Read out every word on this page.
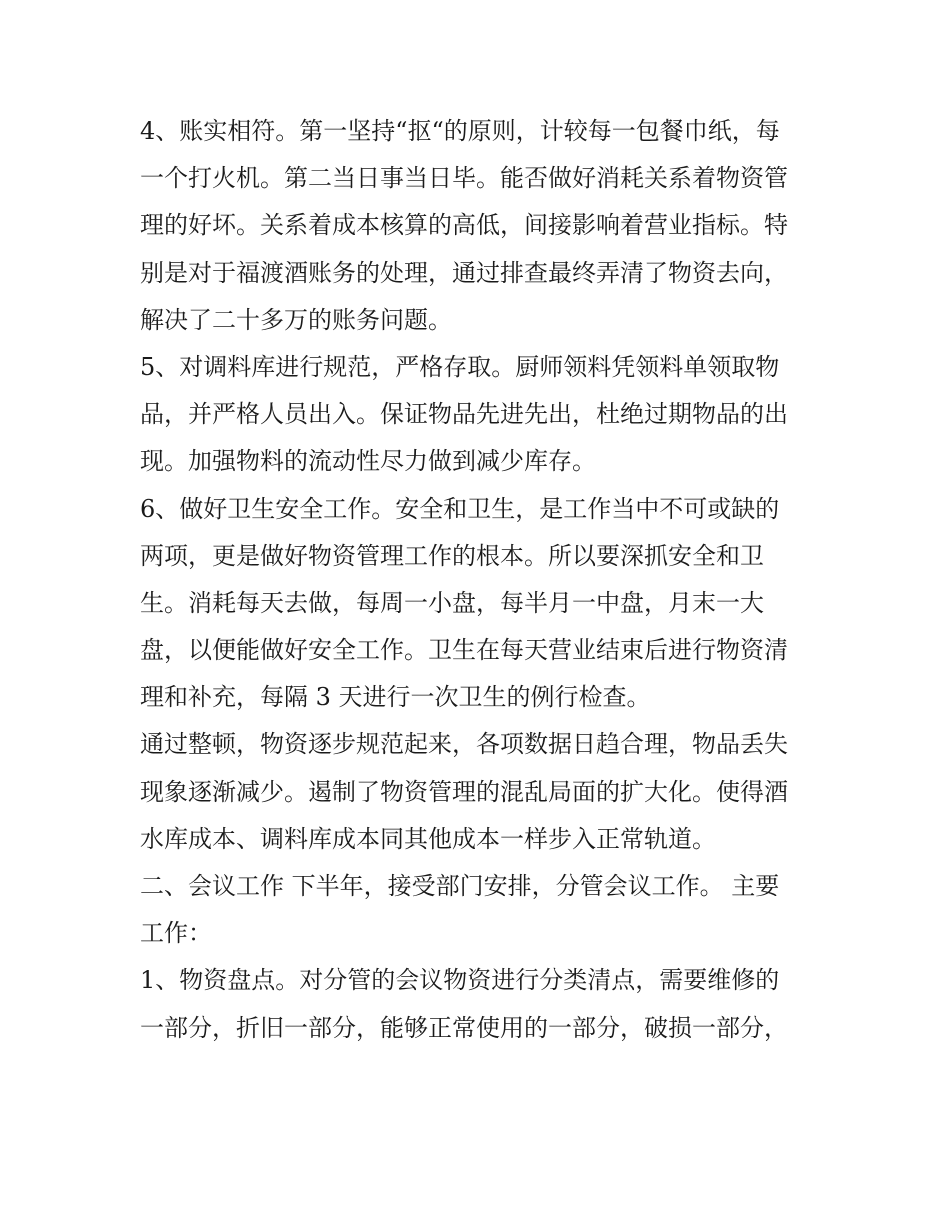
4、账实相符。第一坚持“抠“的原则，计较每一包餐巾纸，每
一个打火机。第二当日事当日毕。能否做好消耗关系着物资管
理的好坏。关系着成本核算的高低，间接影响着营业指标。特
别是对于福渡酒账务的处理，通过排查最终弄清了物资去向，
解决了二十多万的账务问题。

5、对调料库进行规范，严格存取。厨师领料凭领料单领取物
品，并严格人员出入。保证物品先进先出，杜绝过期物品的出
现。加强物料的流动性尽力做到减少库存。

6、做好卫生安全工作。安全和卫生，是工作当中不可或缺的
两项，更是做好物资管理工作的根本。所以要深抓安全和卫
生。消耗每天去做，每周一小盘，每半月一中盘，月末一大
盘，以便能做好安全工作。卫生在每天营业结束后进行物资清
理和补充，每隔 3 天进行一次卫生的例行检查。

通过整顿，物资逐步规范起来，各项数据日趋合理，物品丢失
现象逐渐减少。遏制了物资管理的混乱局面的扩大化。使得酒
水库成本、调料库成本同其他成本一样步入正常轨道。

二、会议工作 下半年，接受部门安排，分管会议工作。 主要
工作：

1、物资盘点。对分管的会议物资进行分类清点，需要维修的
一部分，折旧一部分，能够正常使用的一部分，破损一部分，
